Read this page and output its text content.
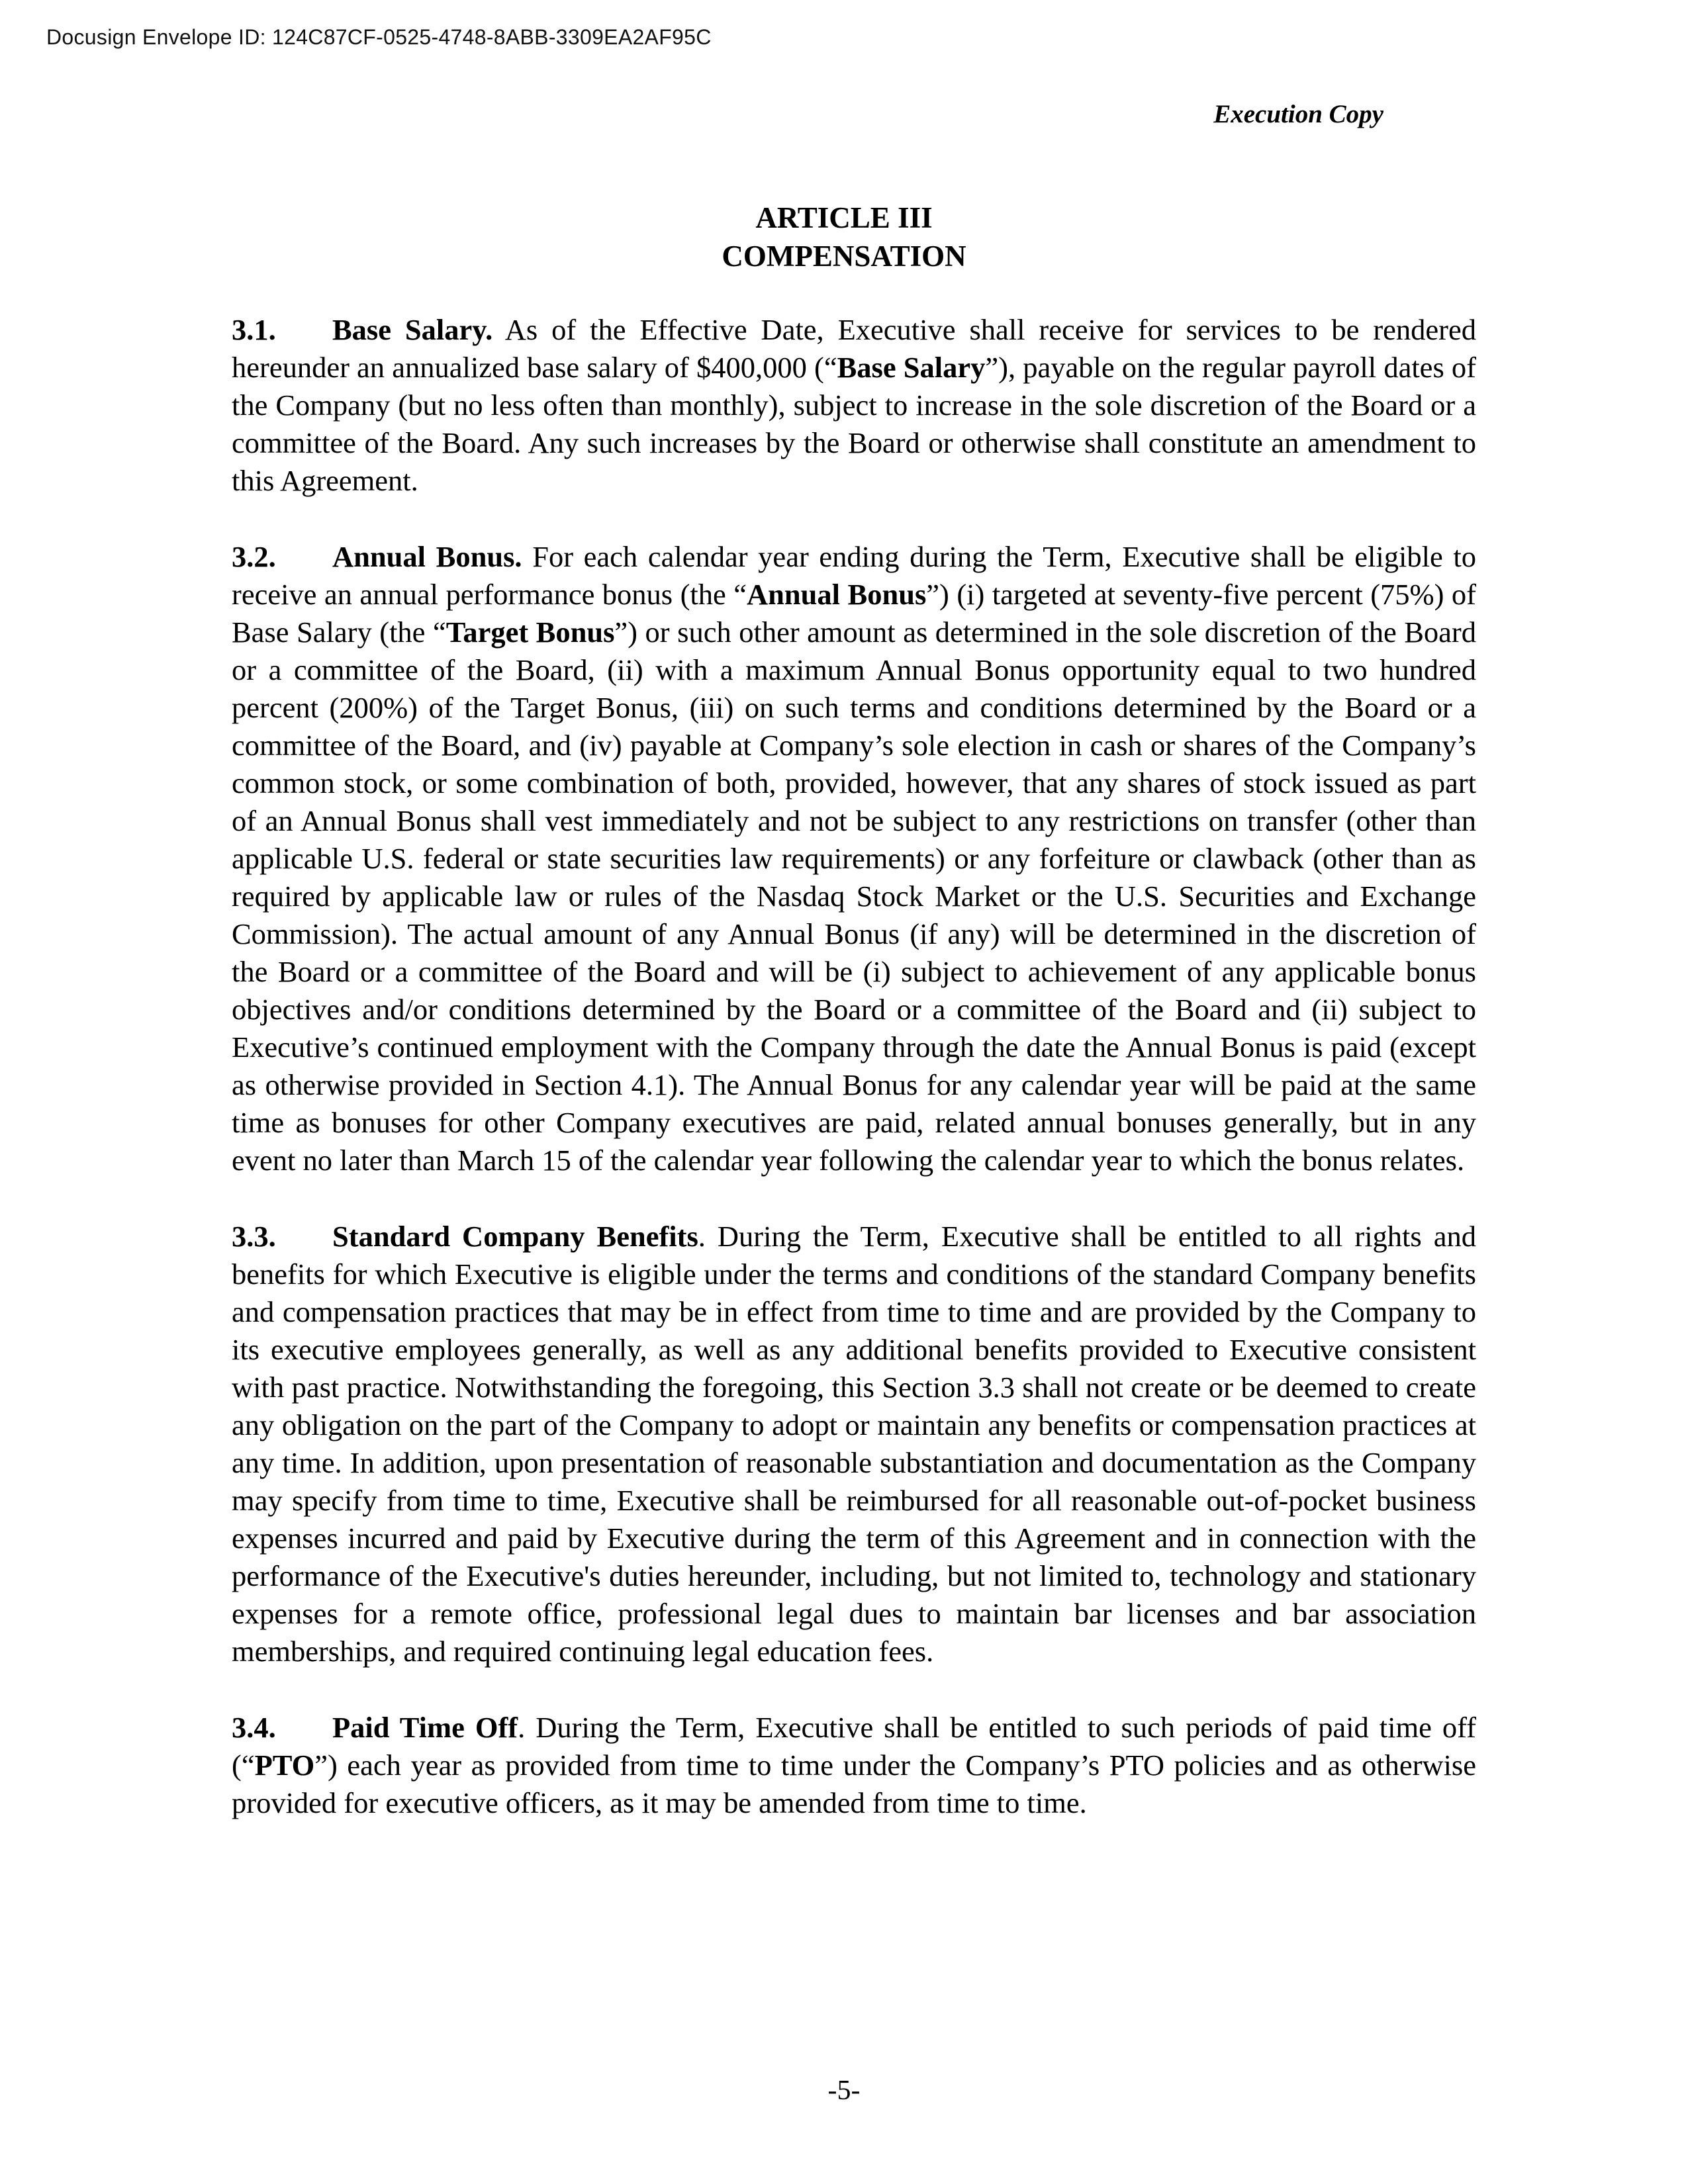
Docusign Envelope ID: 124C87CF-0525-4748-8ABB-3309EA2AF95C
Execution Copy
ARTICLE III
COMPENSATION

3.1. Base Salary. As of the Effective Date, Executive shall receive for services to be rendered hereunder an annualized base salary of $400,000 (“Base Salary”), payable on the regular payroll dates of the Company (but no less often than monthly), subject to increase in the sole discretion of the Board or a committee of the Board. Any such increases by the Board or otherwise shall constitute an amendment to this Agreement.

3.2. Annual Bonus. For each calendar year ending during the Term, Executive shall be eligible to receive an annual performance bonus (the “Annual Bonus”) (i) targeted at seventy-five percent (75%) of Base Salary (the “Target Bonus”) or such other amount as determined in the sole discretion of the Board or a committee of the Board, (ii) with a maximum Annual Bonus opportunity equal to two hundred percent (200%) of the Target Bonus, (iii) on such terms and conditions determined by the Board or a committee of the Board, and (iv) payable at Company’s sole election in cash or shares of the Company’s common stock, or some combination of both, provided, however, that any shares of stock issued as part of an Annual Bonus shall vest immediately and not be subject to any restrictions on transfer (other than applicable U.S. federal or state securities law requirements) or any forfeiture or clawback (other than as required by applicable law or rules of the Nasdaq Stock Market or the U.S. Securities and Exchange Commission). The actual amount of any Annual Bonus (if any) will be determined in the discretion of the Board or a committee of the Board and will be (i) subject to achievement of any applicable bonus objectives and/or conditions determined by the Board or a committee of the Board and (ii) subject to Executive’s continued employment with the Company through the date the Annual Bonus is paid (except as otherwise provided in Section 4.1). The Annual Bonus for any calendar year will be paid at the same time as bonuses for other Company executives are paid, related annual bonuses generally, but in any event no later than March 15 of the calendar year following the calendar year to which the bonus relates.

3.3. Standard Company Benefits. During the Term, Executive shall be entitled to all rights and benefits for which Executive is eligible under the terms and conditions of the standard Company benefits and compensation practices that may be in effect from time to time and are provided by the Company to its executive employees generally, as well as any additional benefits provided to Executive consistent with past practice. Notwithstanding the foregoing, this Section 3.3 shall not create or be deemed to create any obligation on the part of the Company to adopt or maintain any benefits or compensation practices at any time. In addition, upon presentation of reasonable substantiation and documentation as the Company may specify from time to time, Executive shall be reimbursed for all reasonable out-of-pocket business expenses incurred and paid by Executive during the term of this Agreement and in connection with the performance of the Executive's duties hereunder, including, but not limited to, technology and stationary expenses for a remote office, professional legal dues to maintain bar licenses and bar association memberships, and required continuing legal education fees.

3.4. Paid Time Off. During the Term, Executive shall be entitled to such periods of paid time off (“PTO”) each year as provided from time to time under the Company’s PTO policies and as otherwise provided for executive officers, as it may be amended from time to time.

-5-
